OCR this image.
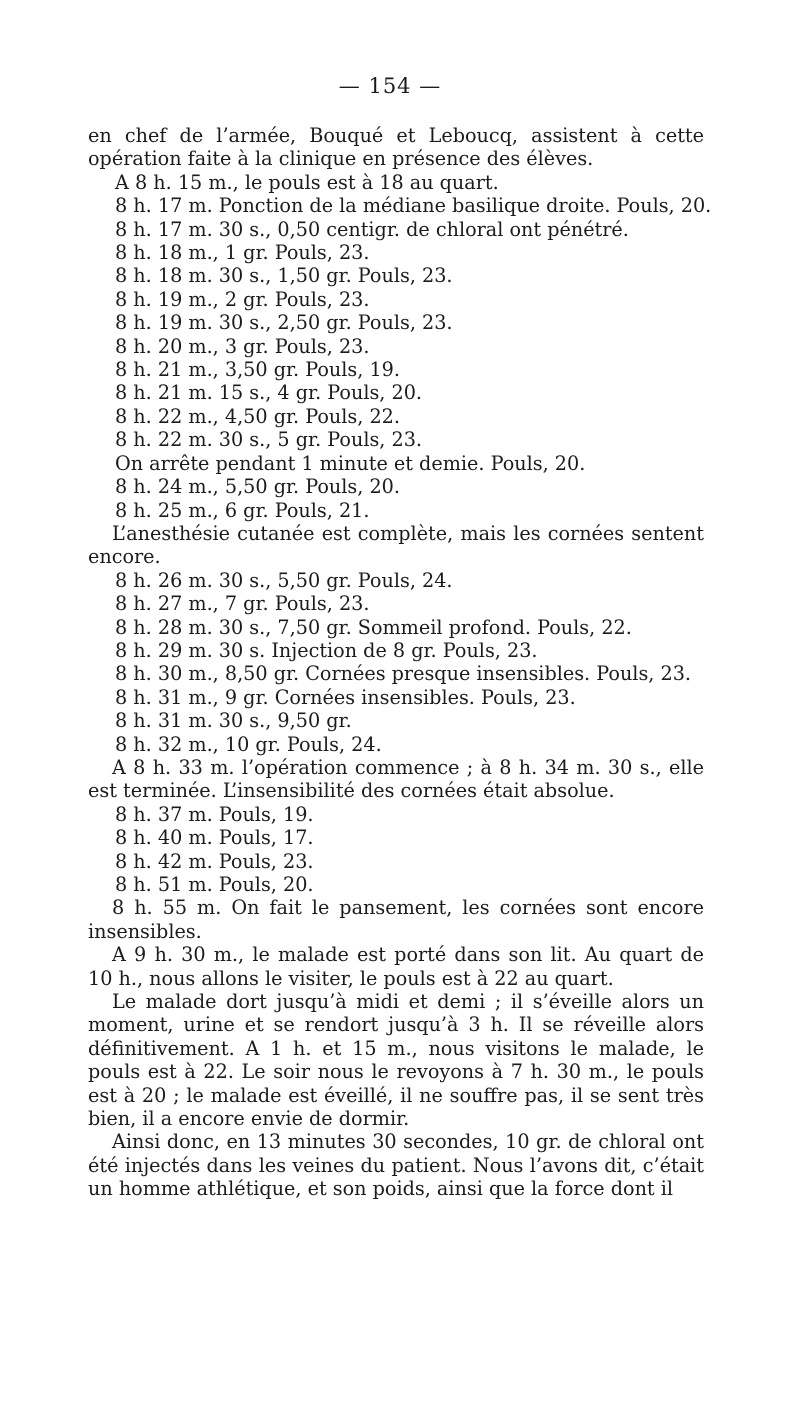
— 154 —

en chef de l’armée, Bouqué et Leboucq, assistent à cette opération faite à la clinique en présence des élèves.

A 8 h. 15 m., le pouls est à 18 au quart.

8 h. 17 m. Ponction de la médiane basilique droite. Pouls, 20.

8 h. 17 m. 30 s., 0,50 centigr. de chloral ont pénétré.

8 h. 18 m., 1 gr. Pouls, 23.

8 h. 18 m. 30 s., 1,50 gr. Pouls, 23.

8 h. 19 m., 2 gr. Pouls, 23.

8 h. 19 m. 30 s., 2,50 gr. Pouls, 23.

8 h. 20 m., 3 gr. Pouls, 23.

8 h. 21 m., 3,50 gr. Pouls, 19.

8 h. 21 m. 15 s., 4 gr. Pouls, 20.

8 h. 22 m., 4,50 gr. Pouls, 22.

8 h. 22 m. 30 s., 5 gr. Pouls, 23.

On arrête pendant 1 minute et demie. Pouls, 20.

8 h. 24 m., 5,50 gr. Pouls, 20.

8 h. 25 m., 6 gr. Pouls, 21.

L’anesthésie cutanée est complète, mais les cornées sentent encore.

8 h. 26 m. 30 s., 5,50 gr. Pouls, 24.

8 h. 27 m., 7 gr. Pouls, 23.

8 h. 28 m. 30 s., 7,50 gr. Sommeil profond. Pouls, 22.

8 h. 29 m. 30 s. Injection de 8 gr. Pouls, 23.

8 h. 30 m., 8,50 gr. Cornées presque insensibles. Pouls, 23.

8 h. 31 m., 9 gr. Cornées insensibles. Pouls, 23.

8 h. 31 m. 30 s., 9,50 gr.

8 h. 32 m., 10 gr. Pouls, 24.

A 8 h. 33 m. l’opération commence ; à 8 h. 34 m. 30 s., elle est terminée. L’insensibilité des cornées était absolue.

8 h. 37 m. Pouls, 19.

8 h. 40 m. Pouls, 17.

8 h. 42 m. Pouls, 23.

8 h. 51 m. Pouls, 20.

8 h. 55 m. On fait le pansement, les cornées sont encore insensibles.

A 9 h. 30 m., le malade est porté dans son lit. Au quart de 10 h., nous allons le visiter, le pouls est à 22 au quart.

Le malade dort jusqu’à midi et demi ; il s’éveille alors un moment, urine et se rendort jusqu’à 3 h. Il se réveille alors définitivement. A 1 h. et 15 m., nous visitons le malade, le pouls est à 22. Le soir nous le revoyons à 7 h. 30 m., le pouls est à 20 ; le malade est éveillé, il ne souffre pas, il se sent très bien, il a encore envie de dormir.

Ainsi donc, en 13 minutes 30 secondes, 10 gr. de chloral ont été injectés dans les veines du patient. Nous l’avons dit, c’était un homme athlétique, et son poids, ainsi que la force dont il
